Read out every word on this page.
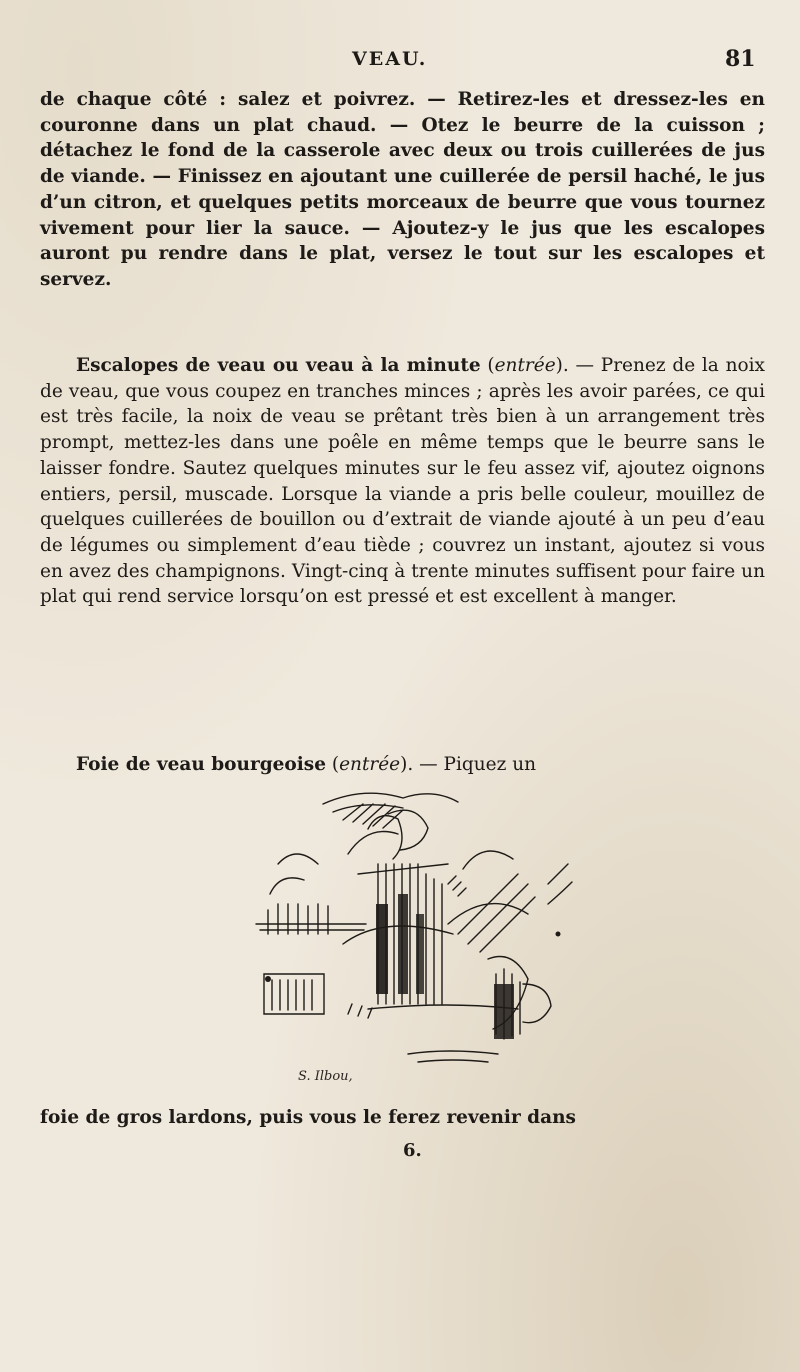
VEAU.	81

de chaque côté : salez et poivrez. — Retirez-les et dressez-les en couronne dans un plat chaud. — Otez le beurre de la cuisson ; détachez le fond de la casserole avec deux ou trois cuillerées de jus de viande. — Finissez en ajoutant une cuillerée de persil haché, le jus d’un citron, et quelques petits morceaux de beurre que vous tournez vivement pour lier la sauce. — Ajoutez-y le jus que les escalopes auront pu rendre dans le plat, versez le tout sur les escalopes et servez.

Escalopes de veau ou veau à la minute (entrée). — Prenez de la noix de veau, que vous coupez en tranches minces ; après les avoir parées, ce qui est très facile, la noix de veau se prêtant très bien à un arrangement très prompt, mettez-les dans une poêle en même temps que le beurre sans le laisser fondre. Sautez quelques minutes sur le feu assez vif, ajoutez oignons entiers, persil, muscade. Lorsque la viande a pris belle couleur, mouillez de quelques cuillerées de bouillon ou d’extrait de viande ajouté à un peu d’eau de légumes ou simplement d’eau tiède ; couvrez un instant, ajoutez si vous en avez des champignons. Vingt-cinq à trente minutes suffisent pour faire un plat qui rend service lorsqu’on est pressé et est excellent à manger.

Foie de veau bourgeoise (entrée). — Piquez un

S. Ilbou,

foie de gros lardons, puis vous le ferez revenir dans

6.
